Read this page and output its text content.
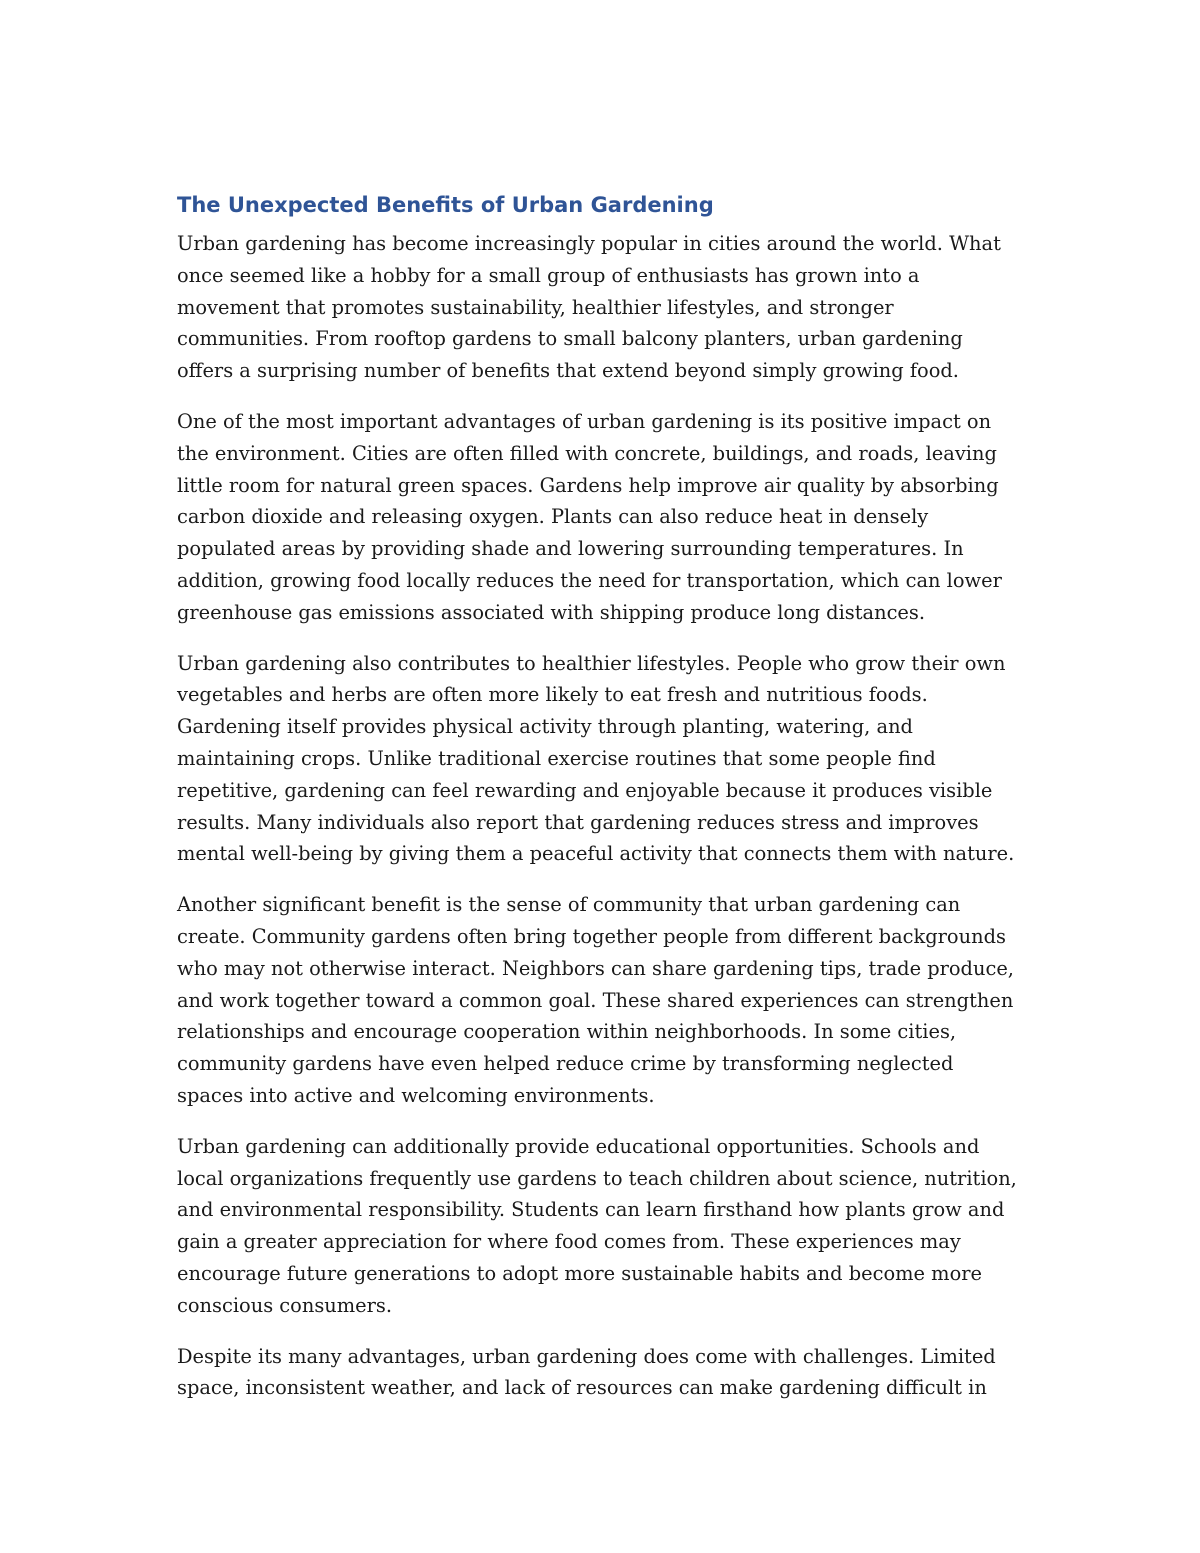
The Unexpected Benefits of Urban Gardening

Urban gardening has become increasingly popular in cities around the world. What
once seemed like a hobby for a small group of enthusiasts has grown into a
movement that promotes sustainability, healthier lifestyles, and stronger
communities. From rooftop gardens to small balcony planters, urban gardening
offers a surprising number of benefits that extend beyond simply growing food.

One of the most important advantages of urban gardening is its positive impact on
the environment. Cities are often filled with concrete, buildings, and roads, leaving
little room for natural green spaces. Gardens help improve air quality by absorbing
carbon dioxide and releasing oxygen. Plants can also reduce heat in densely
populated areas by providing shade and lowering surrounding temperatures. In
addition, growing food locally reduces the need for transportation, which can lower
greenhouse gas emissions associated with shipping produce long distances.

Urban gardening also contributes to healthier lifestyles. People who grow their own
vegetables and herbs are often more likely to eat fresh and nutritious foods.
Gardening itself provides physical activity through planting, watering, and
maintaining crops. Unlike traditional exercise routines that some people find
repetitive, gardening can feel rewarding and enjoyable because it produces visible
results. Many individuals also report that gardening reduces stress and improves
mental well-being by giving them a peaceful activity that connects them with nature.

Another significant benefit is the sense of community that urban gardening can
create. Community gardens often bring together people from different backgrounds
who may not otherwise interact. Neighbors can share gardening tips, trade produce,
and work together toward a common goal. These shared experiences can strengthen
relationships and encourage cooperation within neighborhoods. In some cities,
community gardens have even helped reduce crime by transforming neglected
spaces into active and welcoming environments.

Urban gardening can additionally provide educational opportunities. Schools and
local organizations frequently use gardens to teach children about science, nutrition,
and environmental responsibility. Students can learn firsthand how plants grow and
gain a greater appreciation for where food comes from. These experiences may
encourage future generations to adopt more sustainable habits and become more
conscious consumers.

Despite its many advantages, urban gardening does come with challenges. Limited
space, inconsistent weather, and lack of resources can make gardening difficult in
